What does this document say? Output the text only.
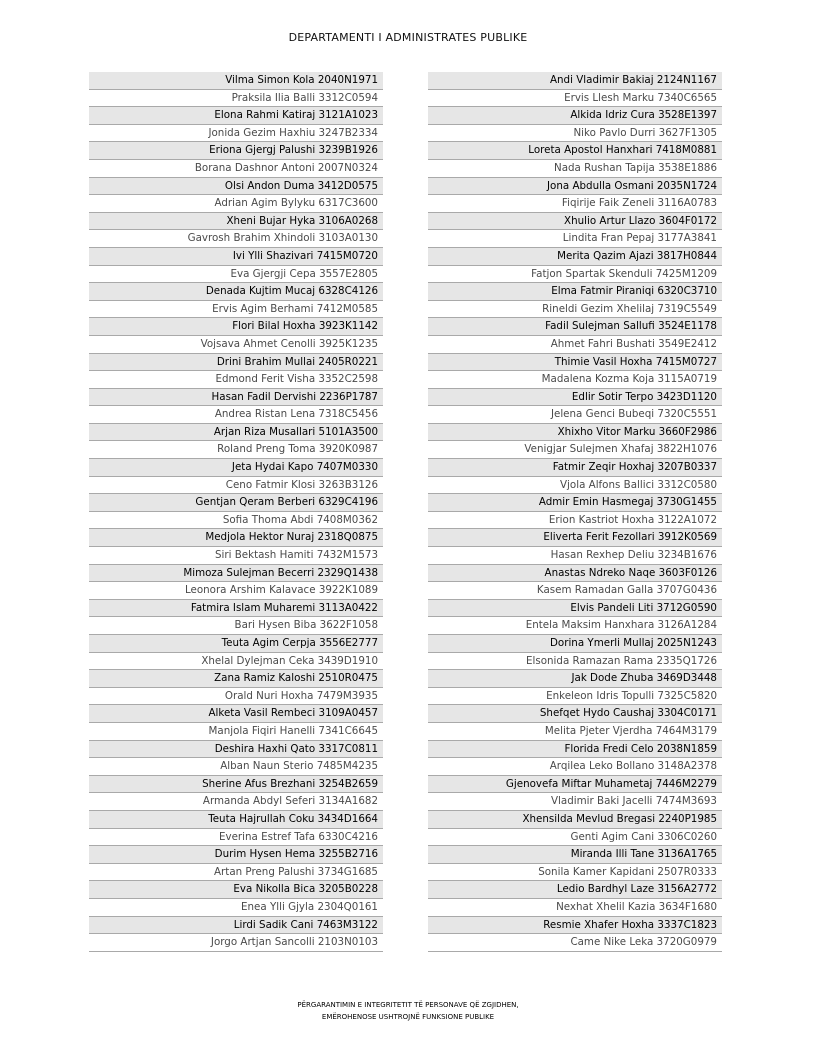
DEPARTAMENTI I ADMINISTRATES PUBLIKE
Vilma Simon Kola 2040N1971
Praksila Ilia Balli 3312C0594
Elona Rahmi Katiraj 3121A1023
Jonida Gezim Haxhiu 3247B2334
Eriona Gjergj Palushi 3239B1926
Borana Dashnor Antoni 2007N0324
Olsi Andon Duma 3412D0575
Adrian Agim Bylyku 6317C3600
Xheni Bujar Hyka 3106A0268
Gavrosh Brahim Xhindoli 3103A0130
Ivi Ylli Shazivari 7415M0720
Eva Gjergji Cepa 3557E2805
Denada Kujtim Mucaj 6328C4126
Ervis Agim Berhami 7412M0585
Flori Bilal Hoxha 3923K1142
Vojsava Ahmet Cenolli 3925K1235
Drini Brahim Mullai 2405R0221
Edmond Ferit Visha 3352C2598
Hasan Fadil Dervishi 2236P1787
Andrea Ristan Lena 7318C5456
Arjan Riza Musallari 5101A3500
Roland Preng Toma 3920K0987
Jeta Hydai Kapo 7407M0330
Ceno Fatmir Klosi 3263B3126
Gentjan Qeram Berberi 6329C4196
Sofia Thoma Abdi 7408M0362
Medjola Hektor Nuraj 2318Q0875
Siri Bektash Hamiti 7432M1573
Mimoza Sulejman Becerri 2329Q1438
Leonora Arshim Kalavace 3922K1089
Fatmira Islam Muharemi 3113A0422
Bari Hysen Biba 3622F1058
Teuta Agim Cerpja 3556E2777
Xhelal Dylejman Ceka 3439D1910
Zana Ramiz Kaloshi 2510R0475
Orald Nuri Hoxha 7479M3935
Alketa Vasil Rembeci 3109A0457
Manjola Fiqiri Hanelli 7341C6645
Deshira Haxhi Qato 3317C0811
Alban Naun Sterio 7485M4235
Sherine Afus Brezhani 3254B2659
Armanda Abdyl Seferi 3134A1682
Teuta Hajrullah Coku 3434D1664
Everina Estref Tafa 6330C4216
Durim Hysen Hema 3255B2716
Artan Preng Palushi 3734G1685
Eva Nikolla Bica 3205B0228
Enea Ylli Gjyla 2304Q0161
Lirdi Sadik Cani 7463M3122
Jorgo Artjan Sancolli 2103N0103
Andi Vladimir Bakiaj 2124N1167
Ervis Llesh Marku 7340C6565
Alkida Idriz Cura 3528E1397
Niko Pavlo Durri 3627F1305
Loreta Apostol Hanxhari 7418M0881
Nada Rushan Tapija 3538E1886
Jona Abdulla Osmani 2035N1724
Fiqirije Faik Zeneli 3116A0783
Xhulio Artur Llazo 3604F0172
Lindita Fran Pepaj 3177A3841
Merita Qazim Ajazi 3817H0844
Fatjon Spartak Skenduli 7425M1209
Elma Fatmir Piraniqi 6320C3710
Rineldi Gezim Xhelilaj 7319C5549
Fadil Sulejman Sallufi 3524E1178
Ahmet Fahri Bushati 3549E2412
Thimie Vasil Hoxha 7415M0727
Madalena Kozma Koja 3115A0719
Edlir Sotir Terpo 3423D1120
Jelena Genci Bubeqi 7320C5551
Xhixho Vitor Marku 3660F2986
Venigjar Sulejmen Xhafaj 3822H1076
Fatmir Zeqir Hoxhaj 3207B0337
Vjola Alfons Ballici 3312C0580
Admir Emin Hasmegaj 3730G1455
Erion Kastriot Hoxha 3122A1072
Eliverta Ferit Fezollari 3912K0569
Hasan Rexhep Deliu 3234B1676
Anastas Ndreko Naqe 3603F0126
Kasem Ramadan Galla 3707G0436
Elvis Pandeli Liti 3712G0590
Entela Maksim Hanxhara 3126A1284
Dorina Ymerli Mullaj 2025N1243
Elsonida Ramazan Rama 2335Q1726
Jak Dode Zhuba 3469D3448
Enkeleon Idris Topulli 7325C5820
Shefqet Hydo Caushaj 3304C0171
Melita Pjeter Vjerdha 7464M3179
Florida Fredi Celo 2038N1859
Arqilea Leko Bollano 3148A2378
Gjenovefa Miftar Muhametaj 7446M2279
Vladimir Baki Jacelli 7474M3693
Xhensilda Mevlud Bregasi 2240P1985
Genti Agim Cani 3306C0260
Miranda Illi Tane 3136A1765
Sonila Kamer Kapidani 2507R0333
Ledio Bardhyl Laze 3156A2772
Nexhat Xhelil Kazia 3634F1680
Resmie Xhafer Hoxha 3337C1823
Came Nike Leka 3720G0979
PËRGARANTIMIN E INTEGRITETIT TË PERSONAVE QË ZGJIDHEN,
EMËROHENOSE USHTROJNË FUNKSIONE PUBLIKE
